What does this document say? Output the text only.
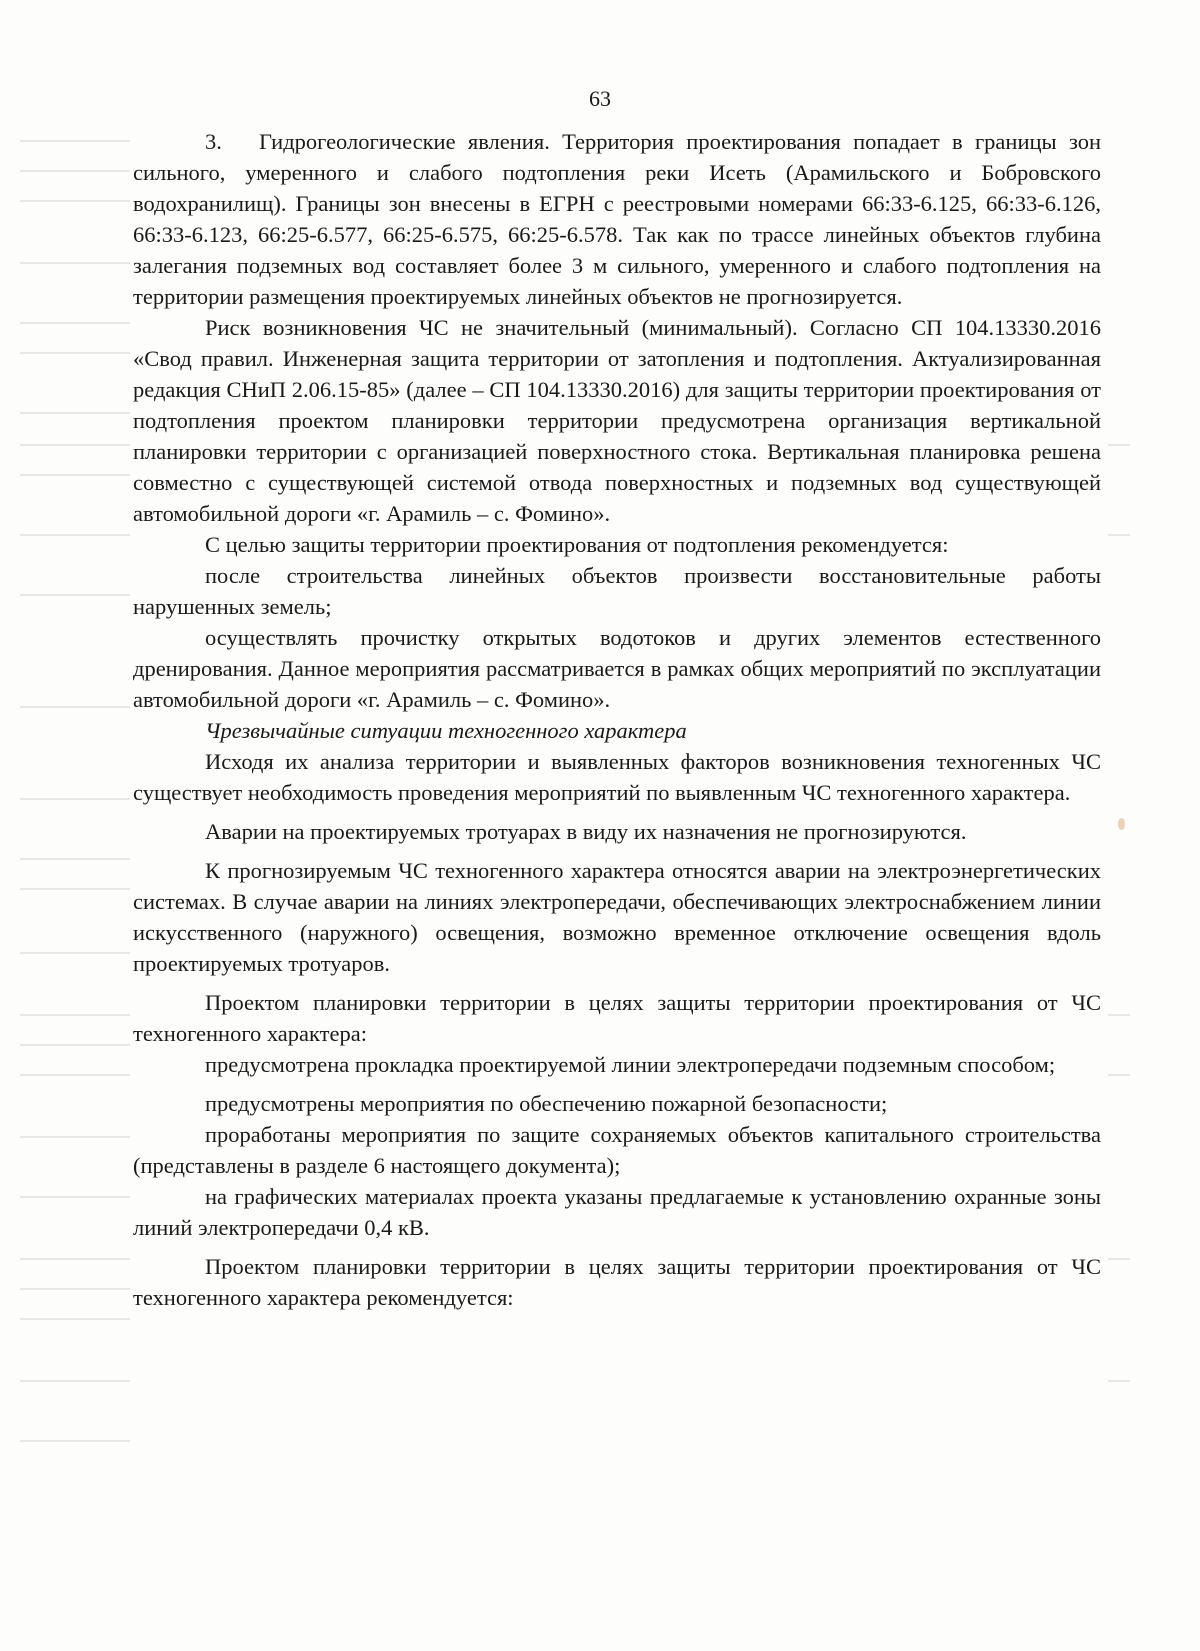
63

3. Гидрогеологические явления. Территория проектирования попадает в границы зон сильного, умеренного и слабого подтопления реки Исеть (Арамильского и Бобровского водохранилищ). Границы зон внесены в ЕГРН с реестровыми номерами 66:33-6.125, 66:33-6.126, 66:33-6.123, 66:25-6.577, 66:25-6.575, 66:25-6.578. Так как по трассе линейных объектов глубина залегания подземных вод составляет более 3 м сильного, умеренного и слабого подтопления на территории размещения проектируемых линейных объектов не прогнозируется.

Риск возникновения ЧС не значительный (минимальный). Согласно СП 104.13330.2016 «Свод правил. Инженерная защита территории от затопления и подтопления. Актуализированная редакция СНиП 2.06.15-85» (далее – СП 104.13330.2016) для защиты территории проектирования от подтопления проектом планировки территории предусмотрена организация вертикальной планировки территории с организацией поверхностного стока. Вертикальная планировка решена совместно с существующей системой отвода поверхностных и подземных вод существующей автомобильной дороги «г. Арамиль – с. Фомино».

С целью защиты территории проектирования от подтопления рекомендуется:

после строительства линейных объектов произвести восстановительные работы нарушенных земель;

осуществлять прочистку открытых водотоков и других элементов естественного дренирования. Данное мероприятия рассматривается в рамках общих мероприятий по эксплуатации автомобильной дороги «г. Арамиль – с. Фомино».

Чрезвычайные ситуации техногенного характера

Исходя их анализа территории и выявленных факторов возникновения техногенных ЧС существует необходимость проведения мероприятий по выявленным ЧС техногенного характера.

Аварии на проектируемых тротуарах в виду их назначения не прогнозируются.

К прогнозируемым ЧС техногенного характера относятся аварии на электроэнергетических системах. В случае аварии на линиях электропередачи, обеспечивающих электроснабжением линии искусственного (наружного) освещения, возможно временное отключение освещения вдоль проектируемых тротуаров.

Проектом планировки территории в целях защиты территории проектирования от ЧС техногенного характера:

предусмотрена прокладка проектируемой линии электропередачи подземным способом;

предусмотрены мероприятия по обеспечению пожарной безопасности;

проработаны мероприятия по защите сохраняемых объектов капитального строительства (представлены в разделе 6 настоящего документа);

на графических материалах проекта указаны предлагаемые к установлению охранные зоны линий электропередачи 0,4 кВ.

Проектом планировки территории в целях защиты территории проектирования от ЧС техногенного характера рекомендуется:
